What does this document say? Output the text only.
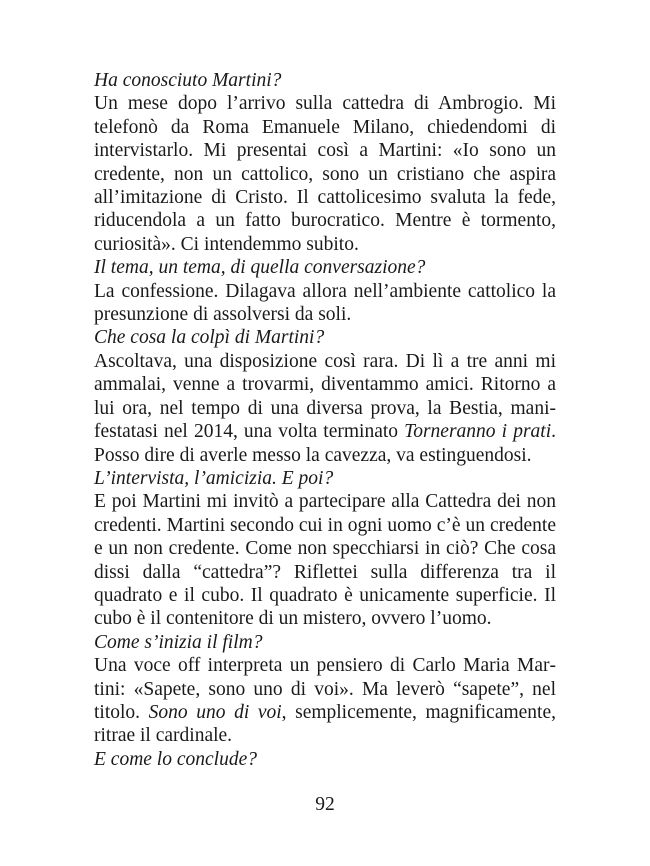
Ha conosciuto Martini?

Un mese dopo l’arrivo sulla cattedra di Ambrogio. Mi telefonò da Roma Emanuele Milano, chiedendomi di intervistarlo. Mi presentai così a Martini: «Io sono un credente, non un cattolico, sono un cristiano che aspira all’imitazione di Cristo. Il cattolicesimo svaluta la fede, riducendola a un fatto burocratico. Mentre è tormento, curiosità». Ci intendemmo subito.

Il tema, un tema, di quella conversazione?

La confessione. Dilagava allora nell’ambiente cattolico la presunzione di assolversi da soli.

Che cosa la colpì di Martini?

Ascoltava, una disposizione così rara. Di lì a tre anni mi ammalai, venne a trovarmi, diventammo amici. Ritorno a lui ora, nel tempo di una diversa prova, la Bestia, manifestatasi nel 2014, una volta terminato Torneranno i prati. Posso dire di averle messo la cavezza, va estinguendosi.

L’intervista, l’amicizia. E poi?

E poi Martini mi invitò a partecipare alla Cattedra dei non credenti. Martini secondo cui in ogni uomo c’è un credente e un non credente. Come non specchiarsi in ciò? Che cosa dissi dalla “cattedra”? Riflettei sulla differenza tra il quadrato e il cubo. Il quadrato è unicamente superficie. Il cubo è il contenitore di un mistero, ovvero l’uomo.

Come s’inizia il film?

Una voce off interpreta un pensiero di Carlo Maria Martini: «Sapete, sono uno di voi». Ma leverò “sapete”, nel titolo. Sono uno di voi, semplicemente, magnificamente, ritrae il cardinale.

E come lo conclude?

92
